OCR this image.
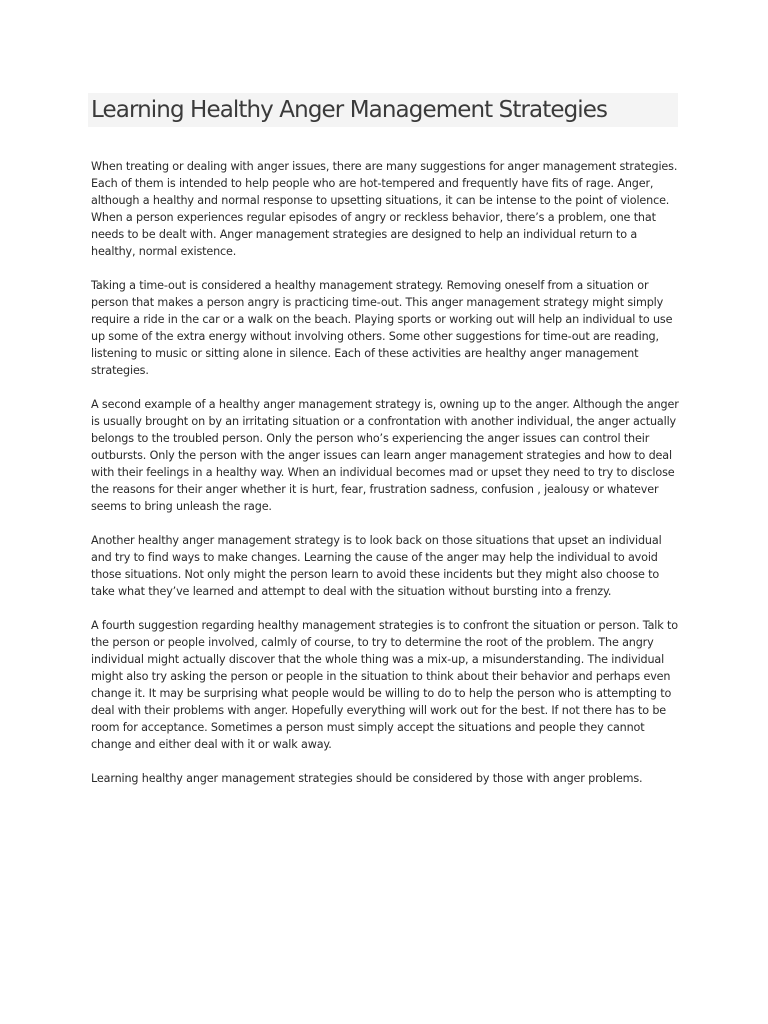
Learning Healthy Anger Management Strategies

When treating or dealing with anger issues, there are many suggestions for anger management strategies. Each of them is intended to help people who are hot-tempered and frequently have fits of rage. Anger, although a healthy and normal response to upsetting situations, it can be intense to the point of violence. When a person experiences regular episodes of angry or reckless behavior, there’s a problem, one that needs to be dealt with. Anger management strategies are designed to help an individual return to a healthy, normal existence.

Taking a time-out is considered a healthy management strategy. Removing oneself from a situation or person that makes a person angry is practicing time-out. This anger management strategy might simply require a ride in the car or a walk on the beach. Playing sports or working out will help an individual to use up some of the extra energy without involving others. Some other suggestions for time-out are reading, listening to music or sitting alone in silence. Each of these activities are healthy anger management strategies.

A second example of a healthy anger management strategy is, owning up to the anger. Although the anger is usually brought on by an irritating situation or a confrontation with another individual, the anger actually belongs to the troubled person. Only the person who’s experiencing the anger issues can control their outbursts. Only the person with the anger issues can learn anger management strategies and how to deal with their feelings in a healthy way. When an individual becomes mad or upset they need to try to disclose the reasons for their anger whether it is hurt, fear, frustration sadness, confusion , jealousy or whatever seems to bring unleash the rage.

Another healthy anger management strategy is to look back on those situations that upset an individual and try to find ways to make changes. Learning the cause of the anger may help the individual to avoid those situations. Not only might the person learn to avoid these incidents but they might also choose to take what they’ve learned and attempt to deal with the situation without bursting into a frenzy.

A fourth suggestion regarding healthy management strategies is to confront the situation or person. Talk to the person or people involved, calmly of course, to try to determine the root of the problem. The angry individual might actually discover that the whole thing was a mix-up, a misunderstanding. The individual might also try asking the person or people in the situation to think about their behavior and perhaps even change it. It may be surprising what people would be willing to do to help the person who is attempting to deal with their problems with anger. Hopefully everything will work out for the best. If not there has to be room for acceptance. Sometimes a person must simply accept the situations and people they cannot change and either deal with it or walk away.

Learning healthy anger management strategies should be considered by those with anger problems.
